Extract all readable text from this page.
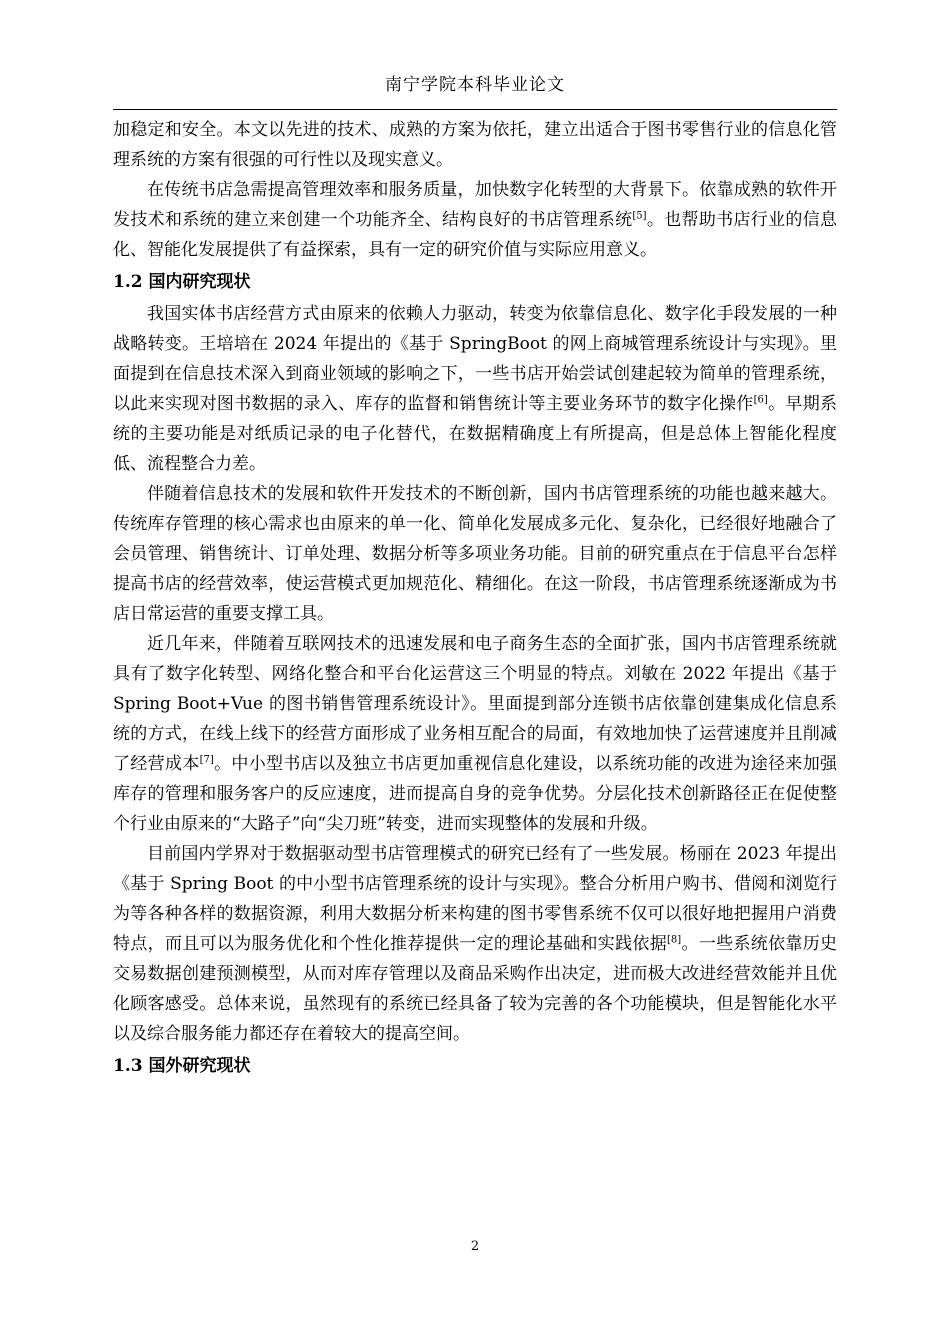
南宁学院本科毕业论文

加稳定和安全。本文以先进的技术、成熟的方案为依托，建立出适合于图书零售行业的信息化管理系统的方案有很强的可行性以及现实意义。

在传统书店急需提高管理效率和服务质量，加快数字化转型的大背景下。依靠成熟的软件开发技术和系统的建立来创建一个功能齐全、结构良好的书店管理系统[5]。也帮助书店行业的信息化、智能化发展提供了有益探索，具有一定的研究价值与实际应用意义。

1.2 国内研究现状

我国实体书店经营方式由原来的依赖人力驱动，转变为依靠信息化、数字化手段发展的一种战略转变。王培培在 2024 年提出的《基于 SpringBoot 的网上商城管理系统设计与实现》。里面提到在信息技术深入到商业领域的影响之下，一些书店开始尝试创建起较为简单的管理系统，以此来实现对图书数据的录入、库存的监督和销售统计等主要业务环节的数字化操作[6]。早期系统的主要功能是对纸质记录的电子化替代，在数据精确度上有所提高，但是总体上智能化程度低、流程整合力差。

伴随着信息技术的发展和软件开发技术的不断创新，国内书店管理系统的功能也越来越大。传统库存管理的核心需求也由原来的单一化、简单化发展成多元化、复杂化，已经很好地融合了会员管理、销售统计、订单处理、数据分析等多项业务功能。目前的研究重点在于信息平台怎样提高书店的经营效率，使运营模式更加规范化、精细化。在这一阶段，书店管理系统逐渐成为书店日常运营的重要支撑工具。

近几年来，伴随着互联网技术的迅速发展和电子商务生态的全面扩张，国内书店管理系统就具有了数字化转型、网络化整合和平台化运营这三个明显的特点。刘敏在 2022 年提出《基于 Spring Boot+Vue 的图书销售管理系统设计》。里面提到部分连锁书店依靠创建集成化信息系统的方式，在线上线下的经营方面形成了业务相互配合的局面，有效地加快了运营速度并且削减了经营成本[7]。中小型书店以及独立书店更加重视信息化建设，以系统功能的改进为途径来加强库存的管理和服务客户的反应速度，进而提高自身的竞争优势。分层化技术创新路径正在促使整个行业由原来的“大路子”向“尖刀班”转变，进而实现整体的发展和升级。

目前国内学界对于数据驱动型书店管理模式的研究已经有了一些发展。杨丽在 2023 年提出《基于 Spring Boot 的中小型书店管理系统的设计与实现》。整合分析用户购书、借阅和浏览行为等各种各样的数据资源，利用大数据分析来构建的图书零售系统不仅可以很好地把握用户消费特点，而且可以为服务优化和个性化推荐提供一定的理论基础和实践依据[8]。一些系统依靠历史交易数据创建预测模型，从而对库存管理以及商品采购作出决定，进而极大改进经营效能并且优化顾客感受。总体来说，虽然现有的系统已经具备了较为完善的各个功能模块，但是智能化水平以及综合服务能力都还存在着较大的提高空间。

1.3 国外研究现状
2
